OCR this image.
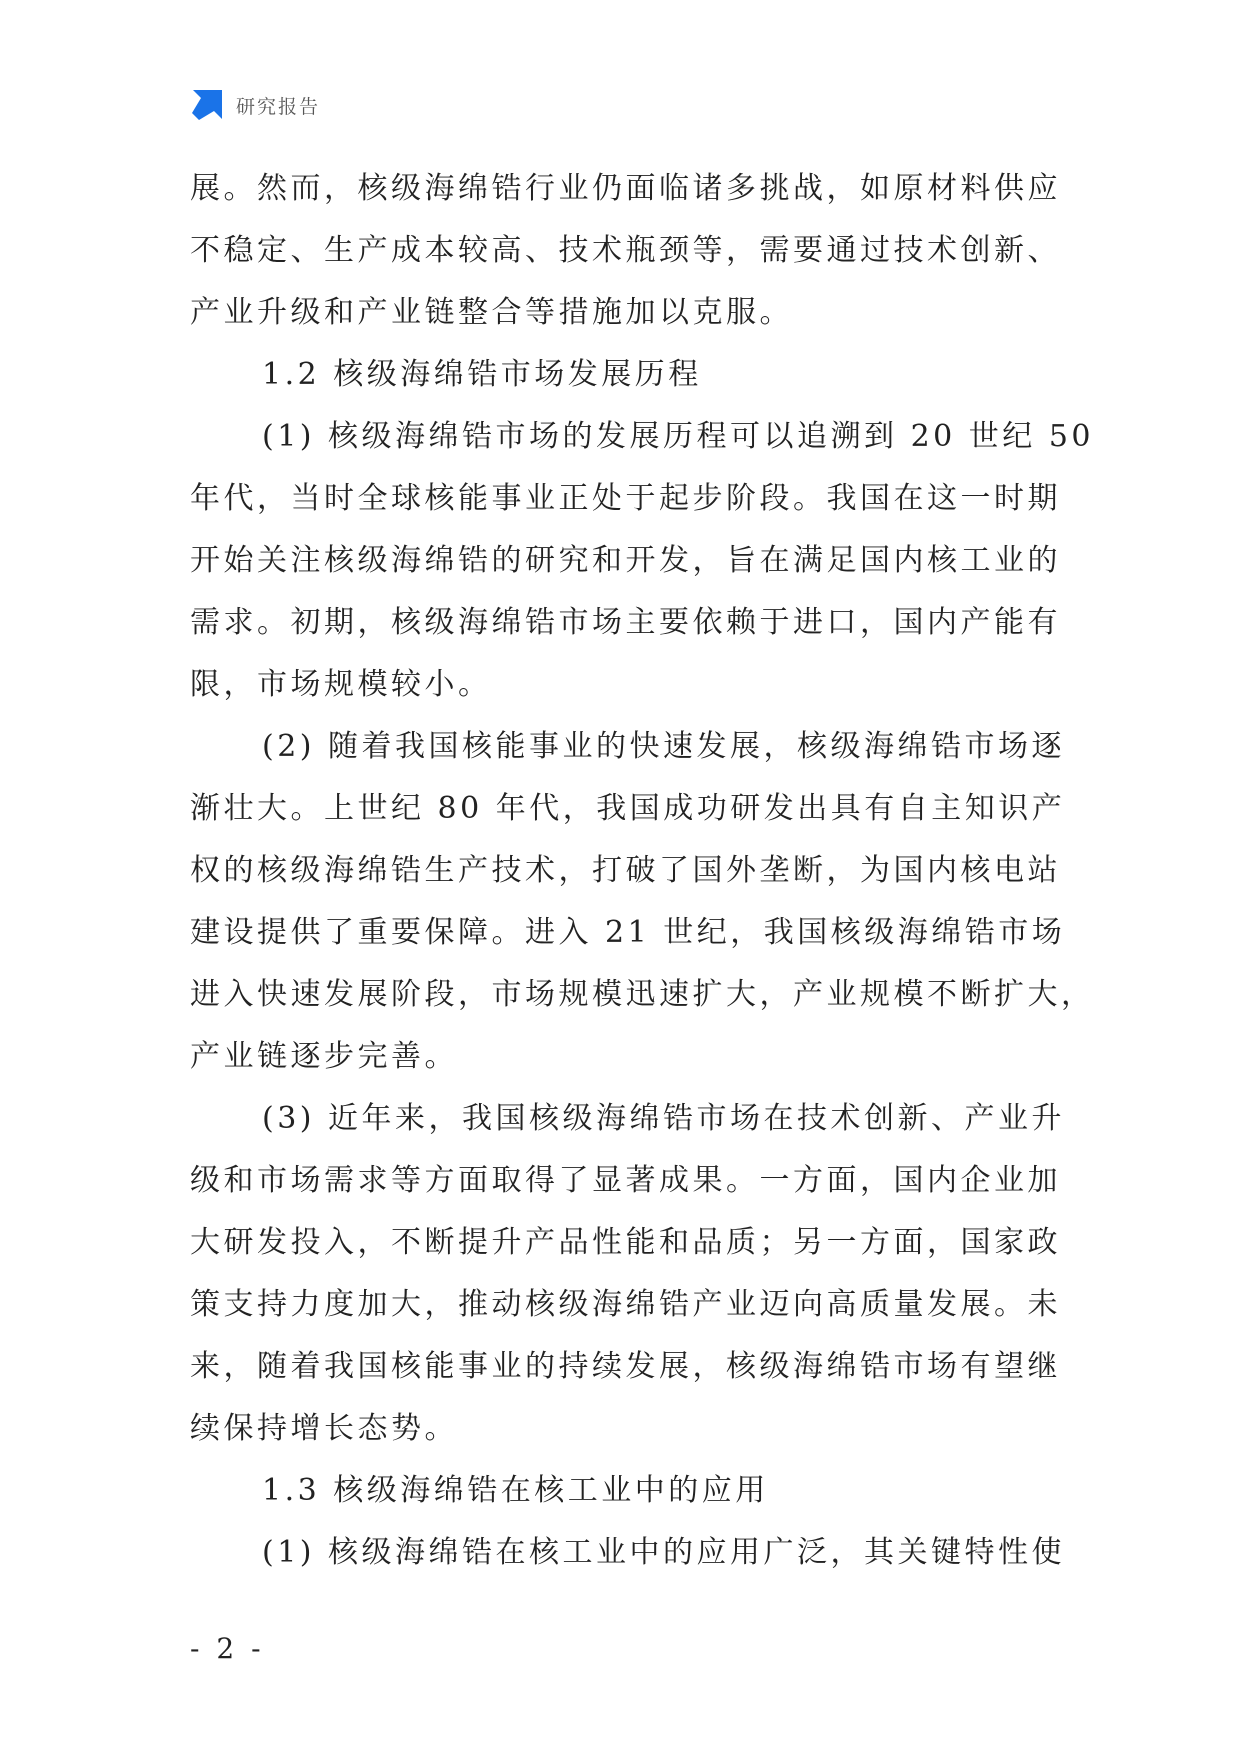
研究报告
展。然而，核级海绵锆行业仍面临诸多挑战，如原材料供应
不稳定、生产成本较高、技术瓶颈等，需要通过技术创新、
产业升级和产业链整合等措施加以克服。
1.2 核级海绵锆市场发展历程
(1) 核级海绵锆市场的发展历程可以追溯到 20 世纪 50
年代，当时全球核能事业正处于起步阶段。我国在这一时期
开始关注核级海绵锆的研究和开发，旨在满足国内核工业的
需求。初期，核级海绵锆市场主要依赖于进口，国内产能有
限，市场规模较小。
(2) 随着我国核能事业的快速发展，核级海绵锆市场逐
渐壮大。上世纪 80 年代，我国成功研发出具有自主知识产
权的核级海绵锆生产技术，打破了国外垄断，为国内核电站
建设提供了重要保障。进入 21 世纪，我国核级海绵锆市场
进入快速发展阶段，市场规模迅速扩大，产业规模不断扩大，
产业链逐步完善。
(3) 近年来，我国核级海绵锆市场在技术创新、产业升
级和市场需求等方面取得了显著成果。一方面，国内企业加
大研发投入，不断提升产品性能和品质；另一方面，国家政
策支持力度加大，推动核级海绵锆产业迈向高质量发展。未
来，随着我国核能事业的持续发展，核级海绵锆市场有望继
续保持增长态势。
1.3 核级海绵锆在核工业中的应用
(1) 核级海绵锆在核工业中的应用广泛，其关键特性使
- 2 -
